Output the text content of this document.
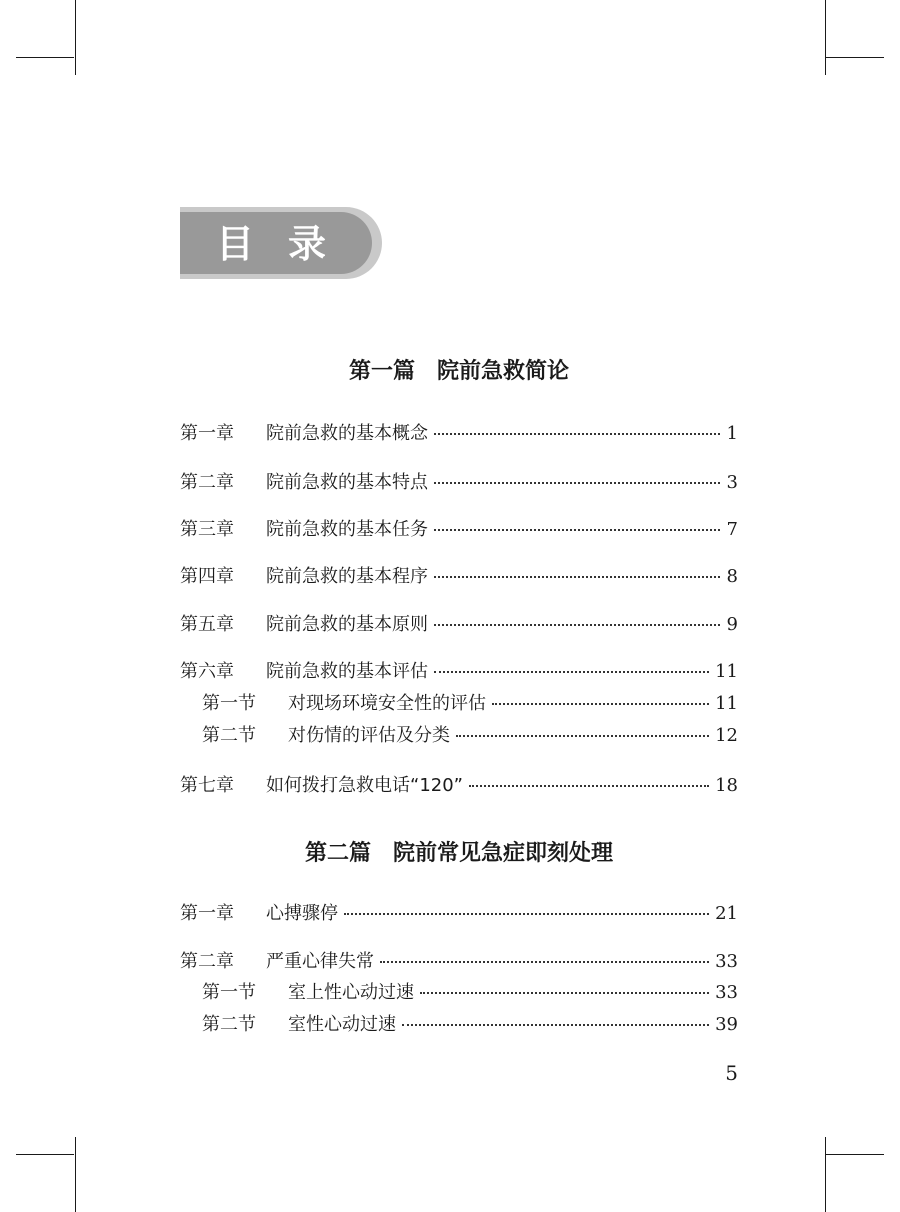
目录
第一篇 院前急救简论
第一章	院前急救的基本概念	1
第二章	院前急救的基本特点	3
第三章	院前急救的基本任务	7
第四章	院前急救的基本程序	8
第五章	院前急救的基本原则	9
第六章	院前急救的基本评估	11
第一节	对现场环境安全性的评估	11
第二节	对伤情的评估及分类	12
第七章	如何拨打急救电话“120”	18
第二篇 院前常见急症即刻处理
第一章	心搏骤停	21
第二章	严重心律失常	33
第一节	室上性心动过速	33
第二节	室性心动过速	39
5
